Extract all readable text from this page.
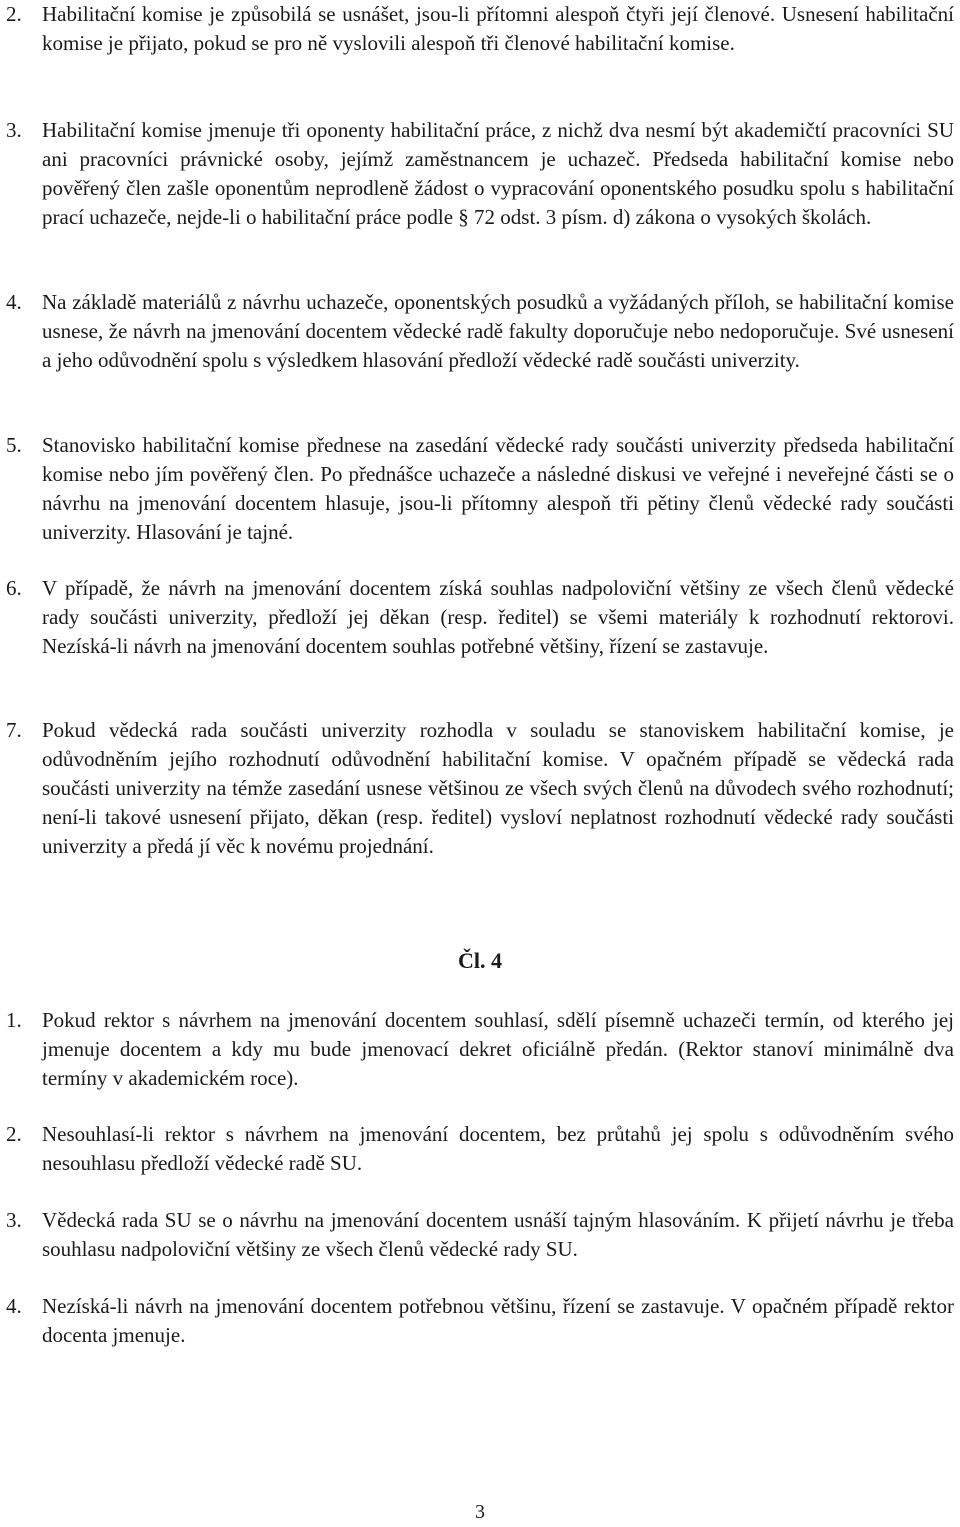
2. Habilitační komise je způsobilá se usnášet, jsou-li přítomni alespoň čtyři její členové. Usnesení habilitační komise je přijato, pokud se pro ně vyslovili alespoň tři členové habilitační komise.
3. Habilitační komise jmenuje tři oponenty habilitační práce, z nichž dva nesmí být akademičtí pracovníci SU ani pracovníci právnické osoby, jejímž zaměstnancem je uchazeč. Předseda habilitační komise nebo pověřený člen zašle oponentům neprodleně žádost o vypracování oponentského posudku spolu s habilitační prací uchazeče, nejde-li o habilitační práce podle § 72 odst. 3 písm. d) zákona o vysokých školách.
4. Na základě materiálů z návrhu uchazeče, oponentských posudků a vyžádaných příloh, se habilitační komise usnese, že návrh na jmenování docentem vědecké radě fakulty doporučuje nebo nedoporučuje. Své usnesení a jeho odůvodnění spolu s výsledkem hlasování předloží vědecké radě součásti univerzity.
5. Stanovisko habilitační komise přednese na zasedání vědecké rady součásti univerzity předseda habilitační komise nebo jím pověřený člen. Po přednášce uchazeče a následné diskusi ve veřejné i neveřejné části se o návrhu na jmenování docentem hlasuje, jsou-li přítomny alespoň tři pětiny členů vědecké rady součásti univerzity. Hlasování je tajné.
6. V případě, že návrh na jmenování docentem získá souhlas nadpoloviční většiny ze všech členů vědecké rady součásti univerzity, předloží jej děkan (resp. ředitel) se všemi materiály k rozhodnutí rektorovi. Nezíská-li návrh na jmenování docentem souhlas potřebné většiny, řízení se zastavuje.
7. Pokud vědecká rada součásti univerzity rozhodla v souladu se stanoviskem habilitační komise, je odůvodněním jejího rozhodnutí odůvodnění habilitační komise. V opačném případě se vědecká rada součásti univerzity na témže zasedání usnese většinou ze všech svých členů na důvodech svého rozhodnutí; není-li takové usnesení přijato, děkan (resp. ředitel) vysloví neplatnost rozhodnutí vědecké rady součásti univerzity a předá jí věc k novému projednání.
Čl. 4
1. Pokud rektor s návrhem na jmenování docentem souhlasí, sdělí písemně uchazeči termín, od kterého jej jmenuje docentem a kdy mu bude jmenovací dekret oficiálně předán. (Rektor stanoví minimálně dva termíny v akademickém roce).
2. Nesouhlasí-li rektor s návrhem na jmenování docentem, bez průtahů jej spolu s odůvodněním svého nesouhlasu předloží vědecké radě SU.
3. Vědecká rada SU se o návrhu na jmenování docentem usnáší tajným hlasováním. K přijetí návrhu je třeba souhlasu nadpoloviční většiny ze všech členů vědecké rady SU.
4. Nezíská-li návrh na jmenování docentem potřebnou většinu, řízení se zastavuje. V opačném případě rektor docenta jmenuje.
3
